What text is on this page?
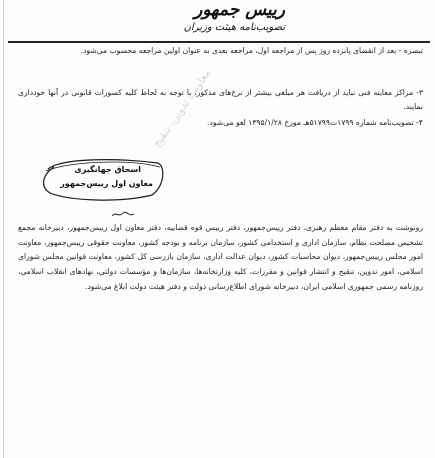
رییس جمهور
تصویب‌نامه هیئت وزیران
تبصره - بعد از انقضای پانزده روز پس از مراجعه اول، مراجعه بعدی به عنوان اولین مراجعه محسوب می‌شود.
۳- مراکز معاینه فنی نباید از دریافت هر مبلغی بیشتر از نرخ‌های مذکور، با توجه به لحاظ کلیه کسورات قانونی در آنها خودداری نمایند.
۴- تصویب‌نامه شماره ۱۷۹۹ت۵۱۷۹۹هـ مورخ ۱۳۹۵/۱/۲۸ لغو می‌شود.
معاونت تدوین، تنقیح
اسحاق جهانگیری
معاون اول رییس‌جمهور
رونوشت به دفتر مقام معظم رهبری، دفتر رییس‌جمهور، دفتر رییس قوه قضاییه، دفتر معاون اول رییس‌جمهور، دبیرخانه مجمع تشخیص مصلحت نظام، سازمان اداری و استخدامی کشور، سازمان برنامه و بودجه کشور، معاونت حقوقی رییس‌جمهور، معاونت امور مجلس رییس‌جمهور، دیوان محاسبات کشور، دیوان عدالت اداری، سازمان بازرسی کل کشور، معاونت قوانین مجلس شورای اسلامی، امور تدوین، تنقیح و انتشار قوانین و مقررات، کلیه وزارتخانه‌ها، سازمان‌ها و مؤسسات دولتی، نهادهای انقلاب اسلامی، روزنامه رسمی جمهوری اسلامی ایران، دبیرخانه شورای اطلاع‌رسانی دولت و دفتر هیئت دولت ابلاغ می‌شود.
